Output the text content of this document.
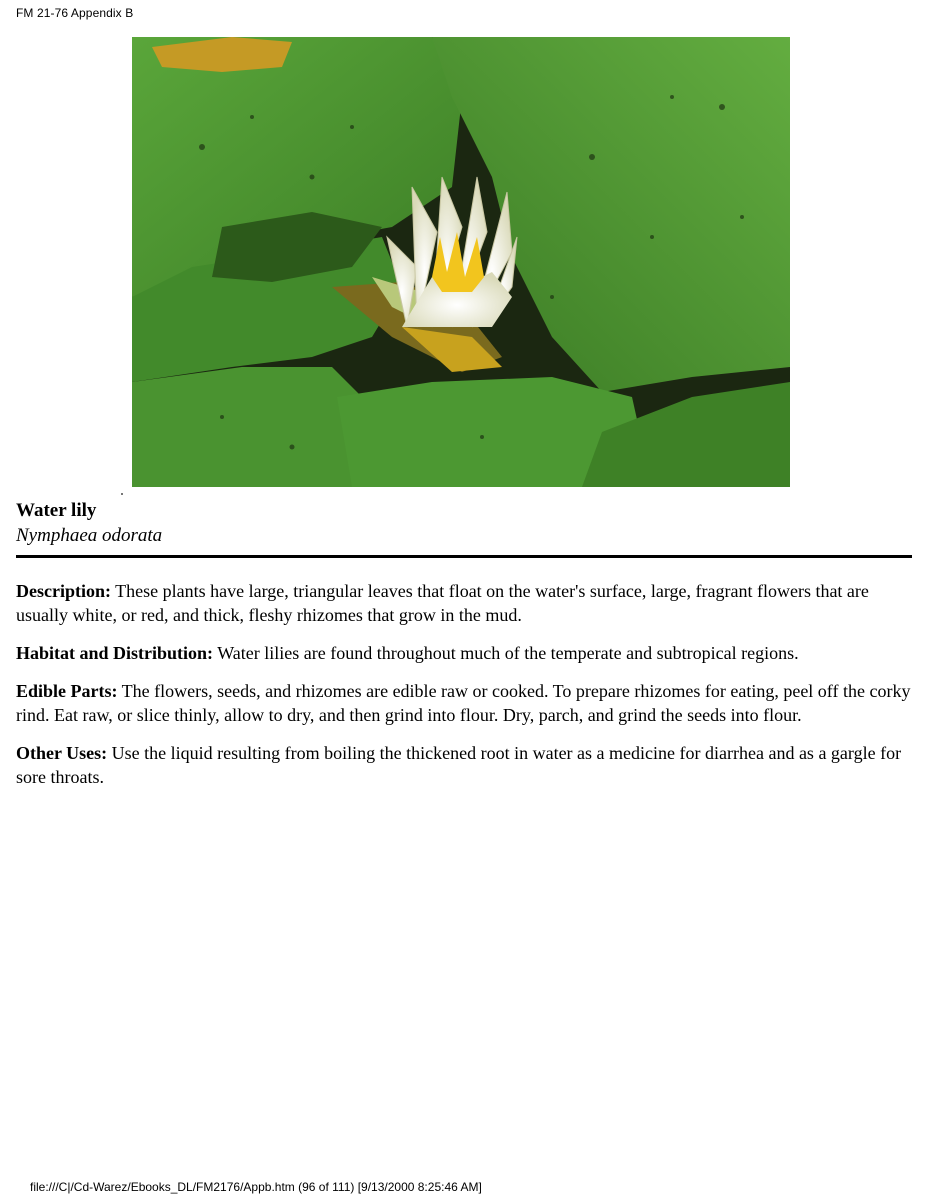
FM 21-76 Appendix B
Water lily
Nymphaea odorata

Description: These plants have large, triangular leaves that float on the water's surface, large, fragrant flowers that are usually white, or red, and thick, fleshy rhizomes that grow in the mud.

Habitat and Distribution: Water lilies are found throughout much of the temperate and subtropical regions.

Edible Parts: The flowers, seeds, and rhizomes are edible raw or cooked. To prepare rhizomes for eating, peel off the corky rind. Eat raw, or slice thinly, allow to dry, and then grind into flour. Dry, parch, and grind the seeds into flour.

Other Uses: Use the liquid resulting from boiling the thickened root in water as a medicine for diarrhea and as a gargle for sore throats.

file:///C|/Cd-Warez/Ebooks_DL/FM2176/Appb.htm (96 of 111) [9/13/2000 8:25:46 AM]
